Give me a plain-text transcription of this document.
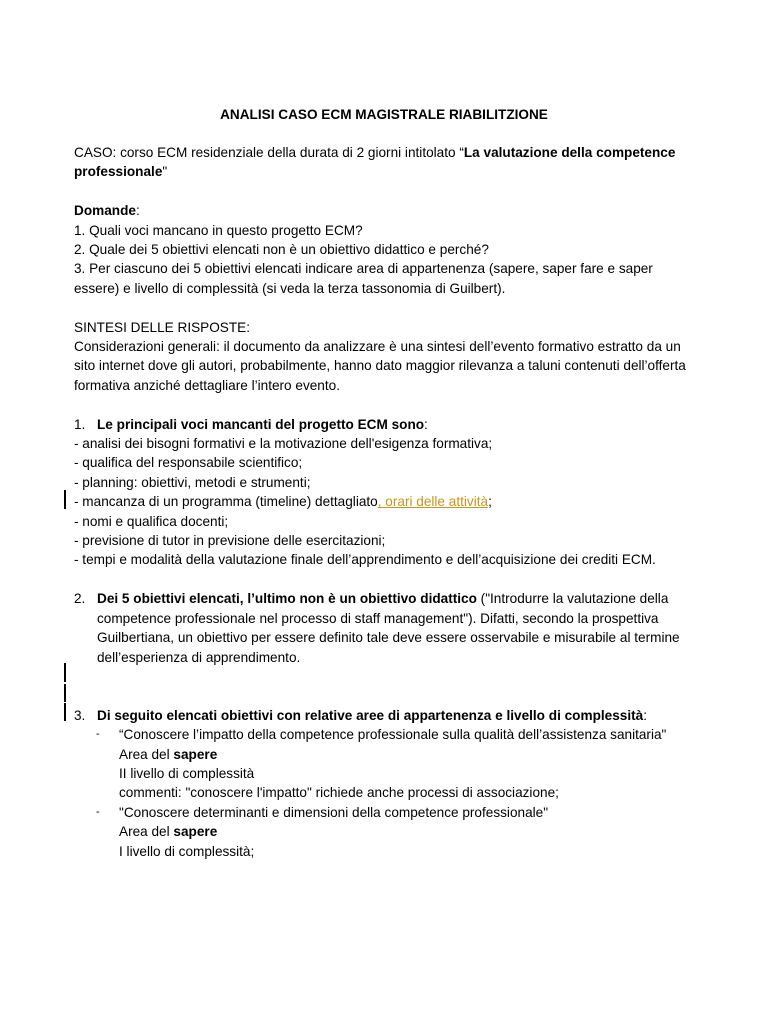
ANALISI CASO ECM MAGISTRALE RIABILITZIONE

CASO: corso ECM residenziale della durata di 2 giorni intitolato “La valutazione della competence professionale"

Domande:

1. Quali voci mancano in questo progetto ECM?

2. Quale dei 5 obiettivi elencati non è un obiettivo didattico e perché?

3. Per ciascuno dei 5 obiettivi elencati indicare area di appartenenza (sapere, saper fare e saper essere) e livello di complessità (si veda la terza tassonomia di Guilbert).

SINTESI DELLE RISPOSTE:

Considerazioni generali: il documento da analizzare è una sintesi dell’evento formativo estratto da un sito internet dove gli autori, probabilmente, hanno dato maggior rilevanza a taluni contenuti dell’offerta formativa anziché dettagliare l’intero evento.

1. Le principali voci mancanti del progetto ECM sono:

- analisi dei bisogni formativi e la motivazione dell'esigenza formativa;

- qualifica del responsabile scientifico;

- planning: obiettivi, metodi e strumenti;

- mancanza di un programma (timeline) dettagliato, orari delle attività;

- nomi e qualifica docenti;

- previsione di tutor in previsione delle esercitazioni;

- tempi e modalità della valutazione finale dell’apprendimento e dell’acquisizione dei crediti ECM.

2. Dei 5 obiettivi elencati, l’ultimo non è un obiettivo didattico ("Introdurre la valutazione della competence professionale nel processo di staff management"). Difatti, secondo la prospettiva Guilbertiana, un obiettivo per essere definito tale deve essere osservabile e misurabile al termine dell’esperienza di apprendimento.
3. Di seguito elencati obiettivi con relative aree di appartenenza e livello di complessità:
- “Conoscere l’impatto della competence professionale sulla qualità dell’assistenza sanitaria"
Area del sapere
II livello di complessità
commenti: "conoscere l'impatto" richiede anche processi di associazione;
- "Conoscere determinanti e dimensioni della competence professionale"
Area del sapere
I livello di complessità;
